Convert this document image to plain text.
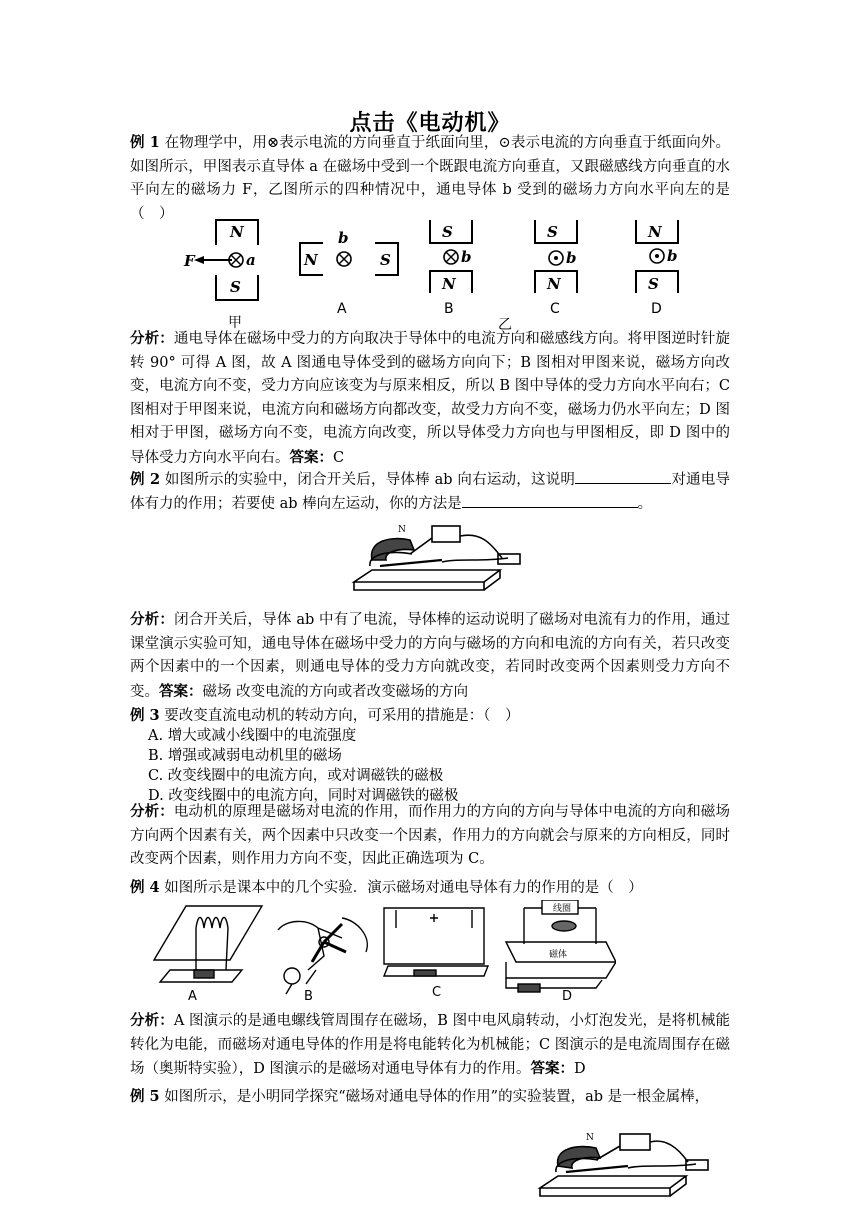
点击《电动机》
例 1 在物理学中，用⊗表示电流的方向垂直于纸面向里，⊙表示电流的方向垂直于纸面向外。如图所示，甲图表示直导体 a 在磁场中受到一个既跟电流方向垂直，又跟磁感线方向垂直的水平向左的磁场力 F，乙图所示的四种情况中，通电导体 b 受到的磁场力方向水平向左的是（　）
N
S
F	a	N	S
b	S
N
b
S
N
b
N
S
b
甲
A	B	C	D
乙
分析：通电导体在磁场中受力的方向取决于导体中的电流方向和磁感线方向。将甲图逆时针旋转 90° 可得 A 图，故 A 图通电导体受到的磁场方向向下；B 图相对甲图来说，磁场方向改变，电流方向不变，受力方向应该变为与原来相反，所以 B 图中导体的受力方向水平向右；C 图相对于甲图来说，电流方向和磁场方向都改变，故受力方向不变，磁场力仍水平向左；D 图相对于甲图，磁场方向不变，电流方向改变，所以导体受力方向也与甲图相反，即 D 图中的导体受力方向水平向右。答案：C
例 2 如图所示的实验中，闭合开关后，导体棒 ab 向右运动，这说明	对通电导体有力的作用；若要使 ab 棒向左运动，你的方法是	。
N
分析：闭合开关后，导体 ab 中有了电流，导体棒的运动说明了磁场对电流有力的作用，通过课堂演示实验可知，通电导体在磁场中受力的方向与磁场的方向和电流的方向有关，若只改变两个因素中的一个因素，则通电导体的受力方向就改变，若同时改变两个因素则受力方向不变。答案：磁场 改变电流的方向或者改变磁场的方向
例 3 要改变直流电动机的转动方向，可采用的措施是：（　）
A. 增大或减小线圈中的电流强度
B. 增强或减弱电动机里的磁场
C. 改变线圈中的电流方向，或对调磁铁的磁极
D. 改变线圈中的电流方向，同时对调磁铁的磁极
分析：电动机的原理是磁场对电流的作用，而作用力的方向的方向与导体中电流的方向和磁场方向两个因素有关，两个因素中只改变一个因素，作用力的方向就会与原来的方向相反，同时改变两个因素，则作用力方向不变，因此正确选项为 C。
例 4 如图所示是课本中的几个实验．演示磁场对通电导体有力的作用的是（　）
线圈
磁体
A	B	C	D
分析：A 图演示的是通电螺线管周围存在磁场，B 图中电风扇转动，小灯泡发光，是将机械能转化为电能，而磁场对通电导体的作用是将电能转化为机械能；C 图演示的是电流周围存在磁场（奥斯特实验），D 图演示的是磁场对通电导体有力的作用。答案：D
例 5 如图所示，是小明同学探究“磁场对通电导体的作用”的实验装置，ab 是一根金属棒，
N
